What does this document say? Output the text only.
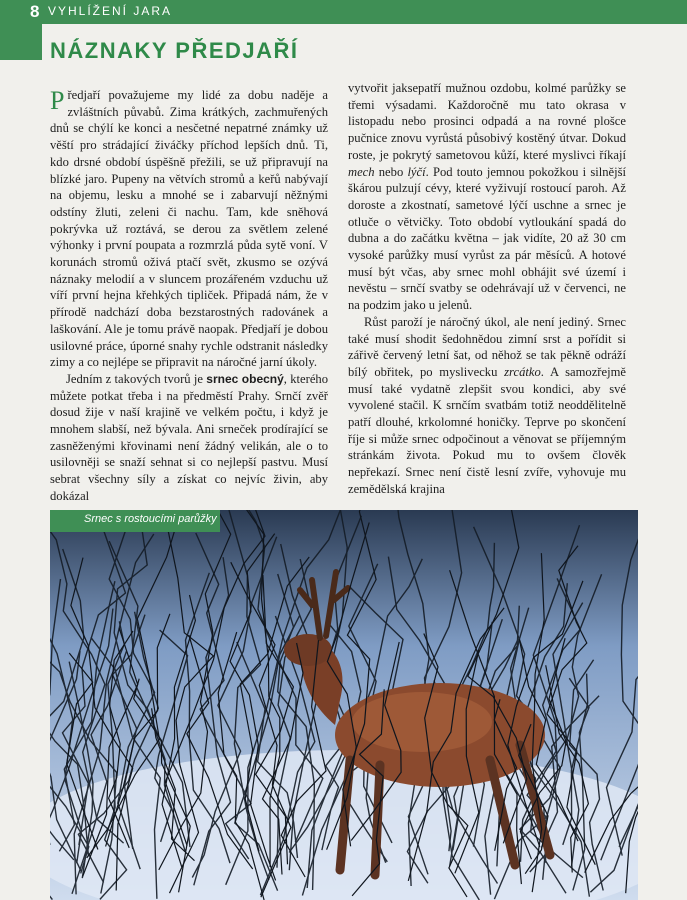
8 VYHLÍŽENÍ JARA
NÁZNAKY PŘEDJAŘÍ

Předjaří považujeme my lidé za dobu naděje a zvláštních půvabů. Zima krátkých, zachmuřených dnů se chýlí ke konci a nesčetné nepatrné známky už věští pro strádající živáčky příchod lepších dnů. Ti, kdo drsné období úspěšně přežili, se už připravují na blízké jaro. Pupeny na větvích stromů a keřů nabývají na objemu, lesku a mnohé se i zabarvují něžnými odstíny žluti, zeleni či nachu. Tam, kde sněhová pokrývka už roztává, se derou za světlem zelené výhonky i první poupata a rozmrzlá půda sytě voní. V korunách stromů oživá ptačí svět, zkusmo se ozývá náznaky melodií a v sluncem prozářeném vzduchu už víří první hejna křehkých tipliček. Připadá nám, že v přírodě nadchází doba bezstarostných radovánek a laškování. Ale je tomu právě naopak. Předjaří je dobou usilovné práce, úporné snahy rychle odstranit následky zimy a co nejlépe se připravit na náročné jarní úkoly.

Jedním z takových tvorů je srnec obecný, kterého můžete potkat třeba i na předměstí Prahy. Srnčí zvěř dosud žije v naší krajině ve velkém počtu, i když je mnohem slabší, než bývala. Ani srneček prodírající se zasněženými křovinami není žádný velikán, ale o to usilovněji se snaží sehnat si co nejlepší pastvu. Musí sebrat všechny síly a získat co nejvíc živin, aby dokázal

vytvořit jaksepatří mužnou ozdobu, kolmé parůžky se třemi výsadami. Každoročně mu tato okrasa v listopadu nebo prosinci odpadá a na rovné plošce pučnice znovu vyrůstá působivý kostěný útvar. Dokud roste, je pokrytý sametovou kůží, které myslivci říkají mech nebo lýčí. Pod touto jemnou pokožkou i silnější škárou pulzují cévy, které vyživují rostoucí paroh. Až doroste a zkostnatí, sametové lýčí uschne a srnec je otluče o větvičky. Toto období vytloukání spadá do dubna a do začátku května – jak vidíte, 20 až 30 cm vysoké parůžky musí vyrůst za pár měsíců. A hotové musí být včas, aby srnec mohl obhájit své území i nevěstu – srnčí svatby se odehrávají už v červenci, ne na podzim jako u jelenů.

Růst paroží je náročný úkol, ale není jediný. Srnec také musí shodit šedohnědou zimní srst a pořídit si zářivě červený letní šat, od něhož se tak pěkně odráží bílý obřitek, po myslivecku zrcátko. A samozřejmě musí také vydatně zlepšit svou kondici, aby své vyvolené stačil. K srnčím svatbám totiž neoddělitelně patří dlouhé, krkolomné honičky. Teprve po skončení říje si může srnec odpočinout a věnovat se příjemným stránkám života. Pokud mu to ovšem člověk nepřekazí. Srnec není čistě lesní zvíře, vyhovuje mu zemědělská krajina

Srnec s rostoucími parůžky
